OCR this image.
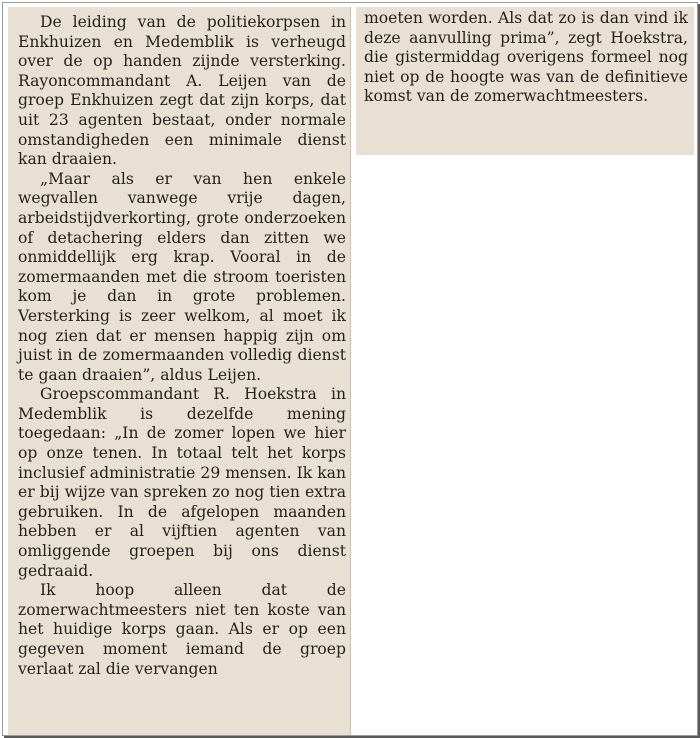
De leiding van de politiekorpsen in Enkhuizen en Medemblik is verheugd over de op handen zijnde versterking. Rayoncommandant A. Leijen van de groep Enkhuizen zegt dat zijn korps, dat uit 23 agenten bestaat, onder normale omstandigheden een minimale dienst kan draaien.

„Maar als er van hen enkele wegvallen vanwege vrije dagen, arbeidstijdverkorting, grote onderzoeken of detachering elders dan zitten we onmiddellijk erg krap. Vooral in de zomermaanden met die stroom toeristen kom je dan in grote problemen. Versterking is zeer welkom, al moet ik nog zien dat er mensen happig zijn om juist in de zomermaanden volledig dienst te gaan draaien”, aldus Leijen.

Groepscommandant R. Hoekstra in Medemblik is dezelfde mening toegedaan: „In de zomer lopen we hier op onze tenen. In totaal telt het korps inclusief administratie 29 mensen. Ik kan er bij wijze van spreken zo nog tien extra gebruiken. In de afgelopen maanden hebben er al vijftien agenten van omliggende groepen bij ons dienst gedraaid.

Ik hoop alleen dat de zomerwachtmeesters niet ten koste van het huidige korps gaan. Als er op een gegeven moment iemand de groep verlaat zal die vervangen

moeten worden. Als dat zo is dan vind ik deze aanvulling prima”, zegt Hoekstra, die gistermiddag overigens formeel nog niet op de hoogte was van de definitieve komst van de zomerwachtmeesters.
